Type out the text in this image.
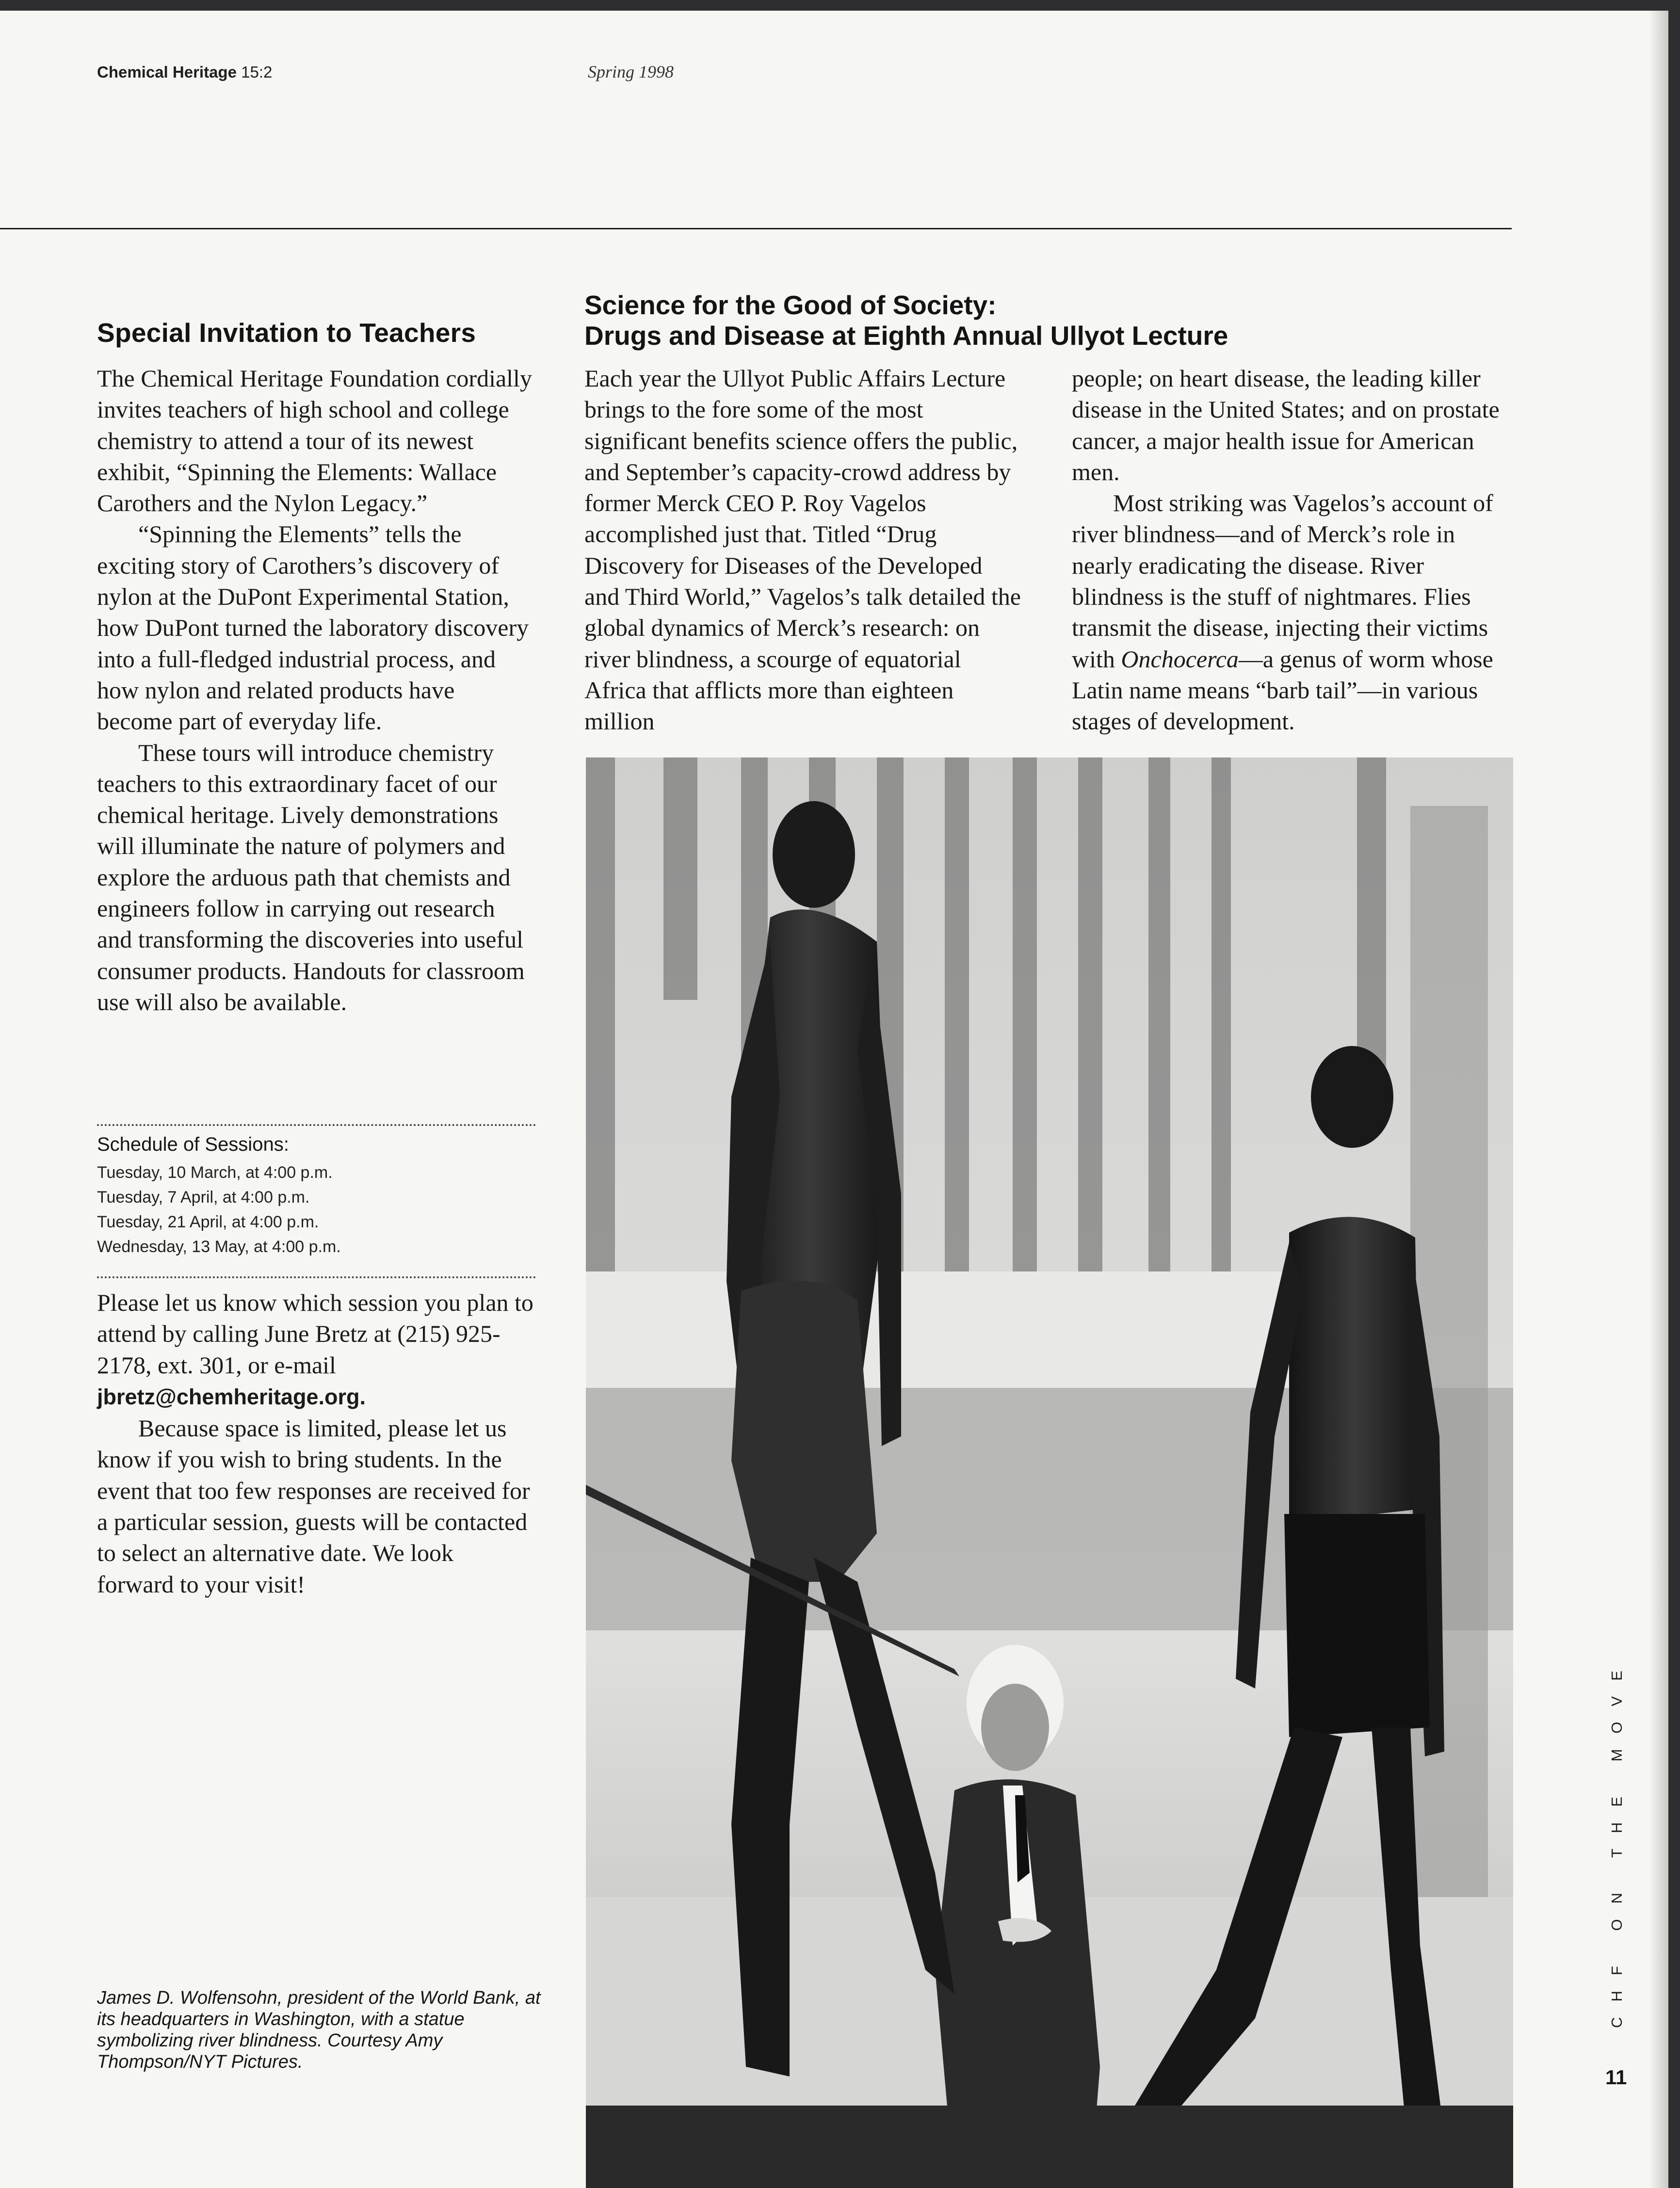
Chemical Heritage 15:2	Spring 1998
Special Invitation to Teachers
Science for the Good of Society:
Drugs and Disease at Eighth Annual Ullyot Lecture

The Chemical Heritage Foundation cordially invites teachers of high school and college chemistry to attend a tour of its newest exhibit, “Spinning the Elements: Wallace Carothers and the Nylon Legacy.”

“Spinning the Elements” tells the exciting story of Carothers’s discovery of nylon at the DuPont Experimental Station, how DuPont turned the laboratory discovery into a full-fledged industrial process, and how nylon and related products have become part of everyday life.

These tours will introduce chemistry teachers to this extraordinary facet of our chemical heritage. Lively demonstrations will illuminate the nature of polymers and explore the arduous path that chemists and engineers follow in carrying out research and transforming the discoveries into useful consumer products. Handouts for classroom use will also be available.

Schedule of Sessions:
Tuesday, 10 March, at 4:00 p.m.
Tuesday, 7 April, at 4:00 p.m.
Tuesday, 21 April, at 4:00 p.m.
Wednesday, 13 May, at 4:00 p.m.

Please let us know which session you plan to attend by calling June Bretz at (215) 925-2178, ext. 301, or e-mail
jbretz@chemheritage.org.

Because space is limited, please let us know if you wish to bring students. In the event that too few responses are received for a particular session, guests will be contacted to select an alternative date. We look forward to your visit!

Each year the Ullyot Public Affairs Lecture brings to the fore some of the most significant benefits science offers the public, and September’s capacity-crowd address by former Merck CEO P. Roy Vagelos accomplished just that. Titled “Drug Discovery for Diseases of the Developed and Third World,” Vagelos’s talk detailed the global dynamics of Merck’s research: on river blindness, a scourge of equatorial Africa that afflicts more than eighteen million

people; on heart disease, the leading killer disease in the United States; and on prostate cancer, a major health issue for American men.

Most striking was Vagelos’s account of river blindness—and of Merck’s role in nearly eradicating the disease. River blindness is the stuff of nightmares. Flies transmit the disease, injecting their victims with Onchocerca—a genus of worm whose Latin name means “barb tail”—in various stages of development.

James D. Wolfensohn, president of the World Bank, at its headquarters in Washington, with a statue symbolizing river blindness. Courtesy Amy Thompson/NYT Pictures.

CHF ON THE MOVE
11
